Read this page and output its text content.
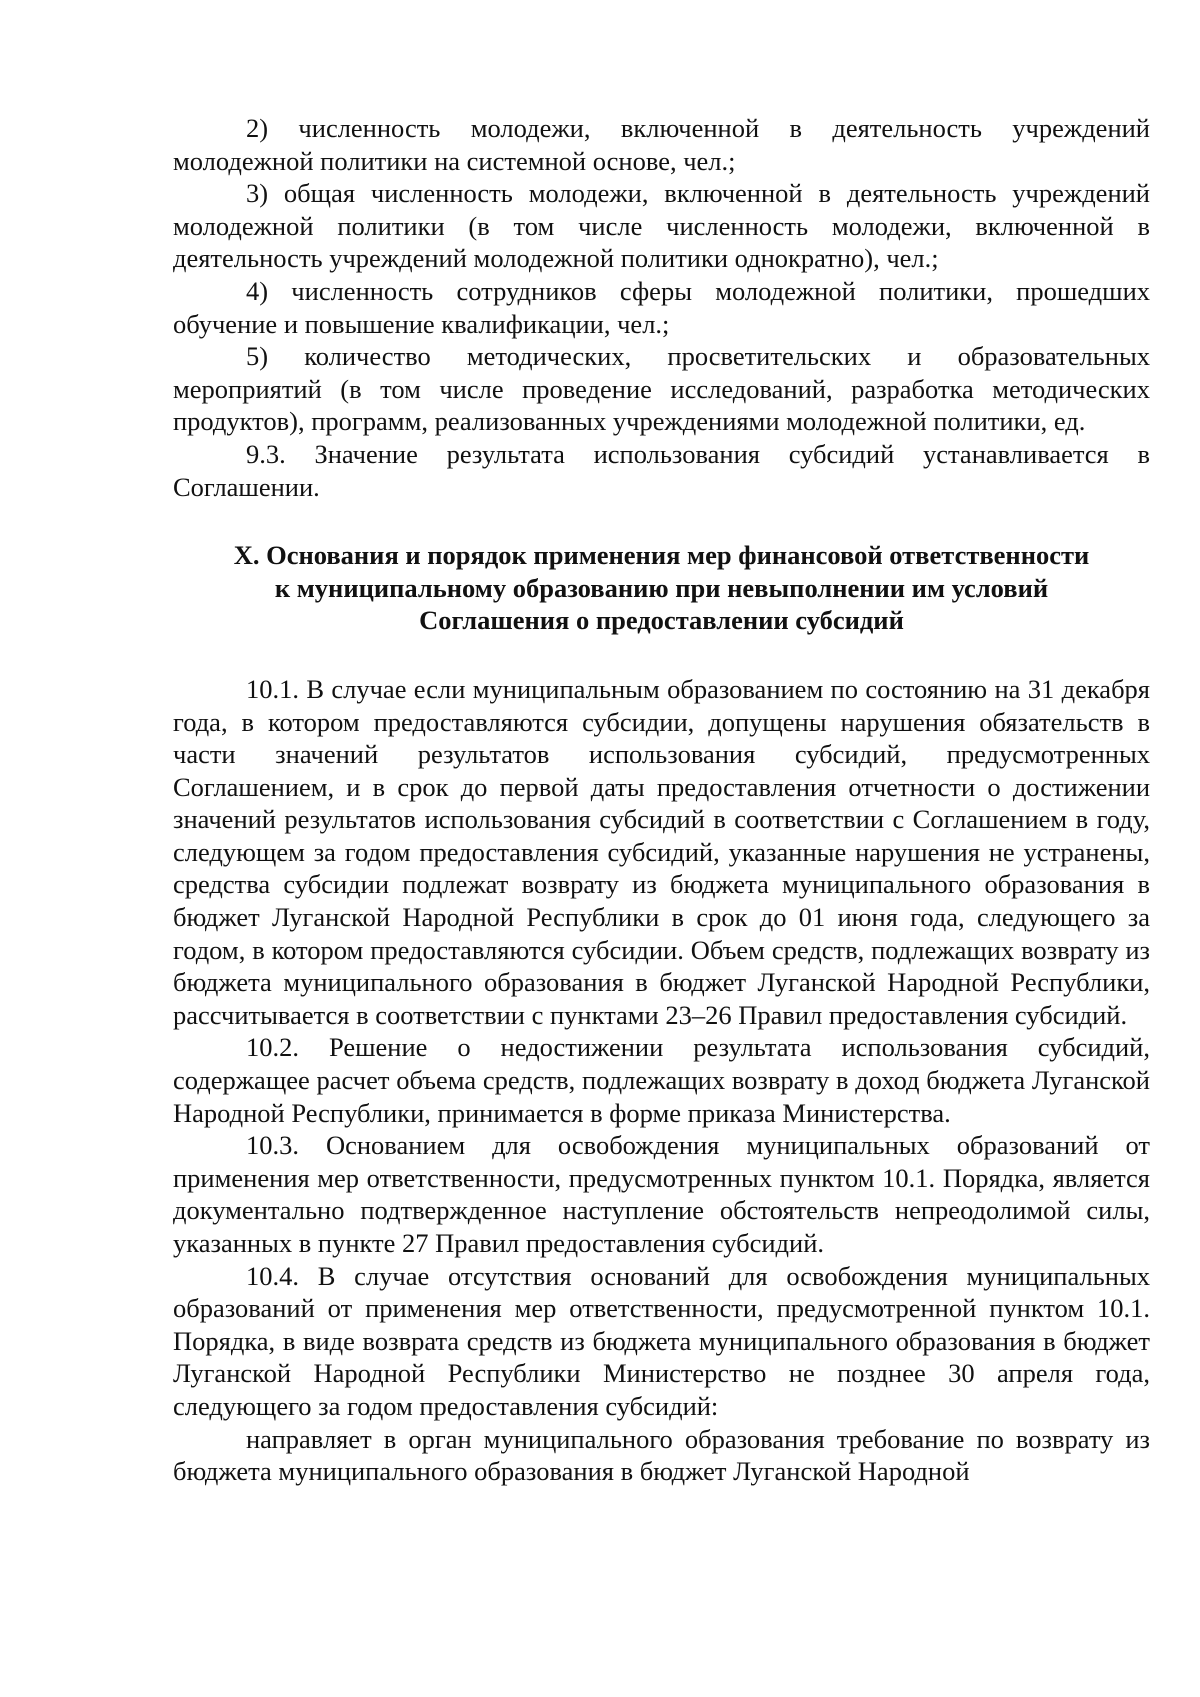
2) численность молодежи, включенной в деятельность учреждений молодежной политики на системной основе, чел.;

3) общая численность молодежи, включенной в деятельность учреждений молодежной политики (в том числе численность молодежи, включенной в деятельность учреждений молодежной политики однократно), чел.;

4) численность сотрудников сферы молодежной политики, прошедших обучение и повышение квалификации, чел.;

5) количество методических, просветительских и образовательных мероприятий (в том числе проведение исследований, разработка методических продуктов), программ, реализованных учреждениями молодежной политики, ед.

9.3. Значение результата использования субсидий устанавливается в Соглашении.

X. Основания и порядок применения мер финансовой ответственности
к муниципальному образованию при невыполнении им условий
Соглашения о предоставлении субсидий

10.1. В случае если муниципальным образованием по состоянию на 31 декабря года, в котором предоставляются субсидии, допущены нарушения обязательств в части значений результатов использования субсидий, предусмотренных Соглашением, и в срок до первой даты предоставления отчетности о достижении значений результатов использования субсидий в соответствии с Соглашением в году, следующем за годом предоставления субсидий, указанные нарушения не устранены, средства субсидии подлежат возврату из бюджета муниципального образования в бюджет Луганской Народной Республики в срок до 01 июня года, следующего за годом, в котором предоставляются субсидии. Объем средств, подлежащих возврату из бюджета муниципального образования в бюджет Луганской Народной Республики, рассчитывается в соответствии с пунктами 23–26 Правил предоставления субсидий.

10.2. Решение о недостижении результата использования субсидий, содержащее расчет объема средств, подлежащих возврату в доход бюджета Луганской Народной Республики, принимается в форме приказа Министерства.

10.3. Основанием для освобождения муниципальных образований от применения мер ответственности, предусмотренных пунктом 10.1. Порядка, является документально подтвержденное наступление обстоятельств непреодолимой силы, указанных в пункте 27 Правил предоставления субсидий.

10.4. В случае отсутствия оснований для освобождения муниципальных образований от применения мер ответственности, предусмотренной пунктом 10.1. Порядка, в виде возврата средств из бюджета муниципального образования в бюджет Луганской Народной Республики Министерство не позднее 30 апреля года, следующего за годом предоставления субсидий:

направляет в орган муниципального образования требование по возврату из бюджета муниципального образования в бюджет Луганской Народной
